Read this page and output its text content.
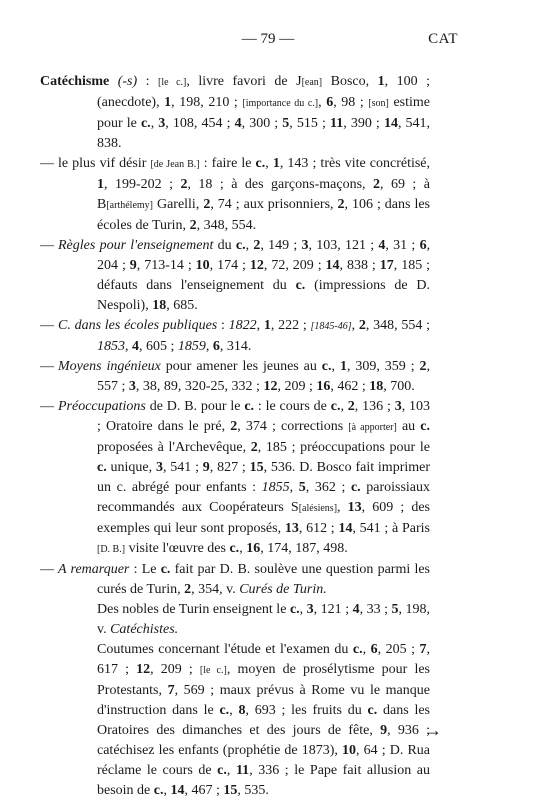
— 79 —	CAT
Catéchisme (-s) : [le c.], livre favori de J[ean] Bosco, 1, 100 ; (anecdote), 1, 198, 210 ; [importance du c.], 6, 98 ; [son] estime pour le c., 3, 108, 454 ; 4, 300 ; 5, 515 ; 11, 390 ; 14, 541, 838.
— le plus vif désir [de Jean B.] : faire le c., 1, 143 ; très vite concrétisé, 1, 199-202 ; 2, 18 ; à des garçons-maçons, 2, 69 ; à B[arthélemy] Garelli, 2, 74 ; aux prisonniers, 2, 106 ; dans les écoles de Turin, 2, 348, 554.
— Règles pour l'enseignement du c., 2, 149 ; 3, 103, 121 ; 4, 31 ; 6, 204 ; 9, 713-14 ; 10, 174 ; 12, 72, 209 ; 14, 838 ; 17, 185 ; défauts dans l'enseignement du c. (impressions de D. Nespoli), 18, 685.
— C. dans les écoles publiques : 1822, 1, 222 ; [1845-46], 2, 348, 554 ; 1853, 4, 605 ; 1859, 6, 314.
— Moyens ingénieux pour amener les jeunes au c., 1, 309, 359 ; 2, 557 ; 3, 38, 89, 320-25, 332 ; 12, 209 ; 16, 462 ; 18, 700.
— Préoccupations de D. B. pour le c. : le cours de c., 2, 136 ; 3, 103 ; Oratoire dans le pré, 2, 374 ; corrections [à apporter] au c. proposées à l'Archevêque, 2, 185 ; préoccupations pour le c. unique, 3, 541 ; 9, 827 ; 15, 536. D. Bosco fait imprimer un c. abrégé pour enfants : 1855, 5, 362 ; c. paroissiaux recommandés aux Coopérateurs S[alésiens], 13, 609 ; des exemples qui leur sont proposés, 13, 612 ; 14, 541 ; à Paris [D. B.] visite l'œuvre des c., 16, 174, 187, 498.
— A remarquer : Le c. fait par D. B. soulève une question parmi les curés de Turin, 2, 354, v. Curés de Turin.
Des nobles de Turin enseignent le c., 3, 121 ; 4, 33 ; 5, 198, v. Catéchistes.
Coutumes concernant l'étude et l'examen du c., 6, 205 ; 7, 617 ; 12, 209 ; [le c.], moyen de prosélytisme pour les Protestants, 7, 569 ; maux prévus à Rome vu le manque d'instruction dans le c., 8, 693 ; les fruits du c. dans les Oratoires des dimanches et des jours de fête, 9, 936 ; catéchisez les enfants (prophétie de 1873), 10, 64 ; D. Rua réclame le cours de c., 11, 336 ; le Pape fait allusion au besoin de c., 14, 467 ; 15, 535.
→
